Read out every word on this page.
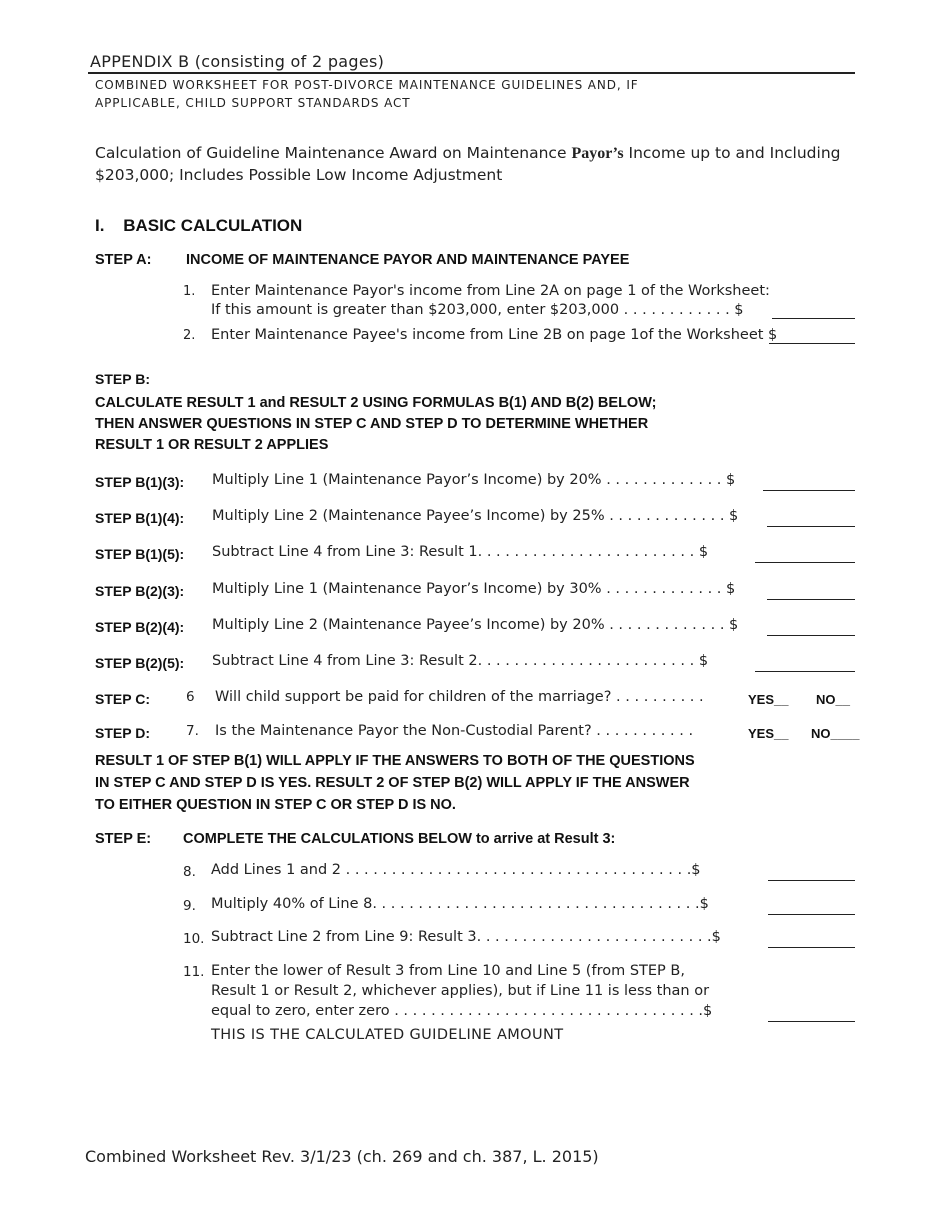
APPENDIX B (consisting of 2 pages)
COMBINED WORKSHEET FOR POST-DIVORCE MAINTENANCE GUIDELINES AND, IF
APPLICABLE, CHILD SUPPORT STANDARDS ACT
Calculation of Guideline Maintenance Award on Maintenance Payor’s Income up to and Including
$203,000; Includes Possible Low Income Adjustment
I. BASIC CALCULATION
STEP A: INCOME OF MAINTENANCE PAYOR AND MAINTENANCE PAYEE
1. Enter Maintenance Payor's income from Line 2A on page 1 of the Worksheet:
If this amount is greater than $203,000, enter $203,000 . . . . . . . . . . . . $
2. Enter Maintenance Payee's income from Line 2B on page 1of the Worksheet $
STEP B:
CALCULATE RESULT 1 and RESULT 2 USING FORMULAS B(1) AND B(2) BELOW;
THEN ANSWER QUESTIONS IN STEP C AND STEP D TO DETERMINE WHETHER
RESULT 1 OR RESULT 2 APPLIES
STEP B(1)(3): Multiply Line 1 (Maintenance Payor’s Income) by 20% . . . . . . . . . . . . . $
STEP B(1)(4): Multiply Line 2 (Maintenance Payee’s Income) by 25% . . . . . . . . . . . . . $
STEP B(1)(5): Subtract Line 4 from Line 3: Result 1. . . . . . . . . . . . . . . . . . . . . . . . $
STEP B(2)(3): Multiply Line 1 (Maintenance Payor’s Income) by 30% . . . . . . . . . . . . . $
STEP B(2)(4): Multiply Line 2 (Maintenance Payee’s Income) by 20% . . . . . . . . . . . . . $
STEP B(2)(5): Subtract Line 4 from Line 3: Result 2. . . . . . . . . . . . . . . . . . . . . . . . $
STEP C:	6 Will child support be paid for children of the marriage? . . . . . . . . . .	YES__ NO__
STEP D:	7. Is the Maintenance Payor the Non-Custodial Parent? . . . . . . . . . . .	YES__ NO____
RESULT 1 OF STEP B(1) WILL APPLY IF THE ANSWERS TO BOTH OF THE QUESTIONS
IN STEP C AND STEP D IS YES. RESULT 2 OF STEP B(2) WILL APPLY IF THE ANSWER
TO EITHER QUESTION IN STEP C OR STEP D IS NO.
STEP E: COMPLETE THE CALCULATIONS BELOW to arrive at Result 3:
8. Add Lines 1 and 2 . . . . . . . . . . . . . . . . . . . . . . . . . . . . . . . . . . . . . .$
9. Multiply 40% of Line 8. . . . . . . . . . . . . . . . . . . . . . . . . . . . . . . . . . . .$
10. Subtract Line 2 from Line 9: Result 3. . . . . . . . . . . . . . . . . . . . . . . . . .$
11. Enter the lower of Result 3 from Line 10 and Line 5 (from STEP B,
Result 1 or Result 2, whichever applies), but if Line 11 is less than or
equal to zero, enter zero . . . . . . . . . . . . . . . . . . . . . . . . . . . . . . . . . .$
THIS IS THE CALCULATED GUIDELINE AMOUNT
Combined Worksheet Rev. 3/1/23 (ch. 269 and ch. 387, L. 2015)
